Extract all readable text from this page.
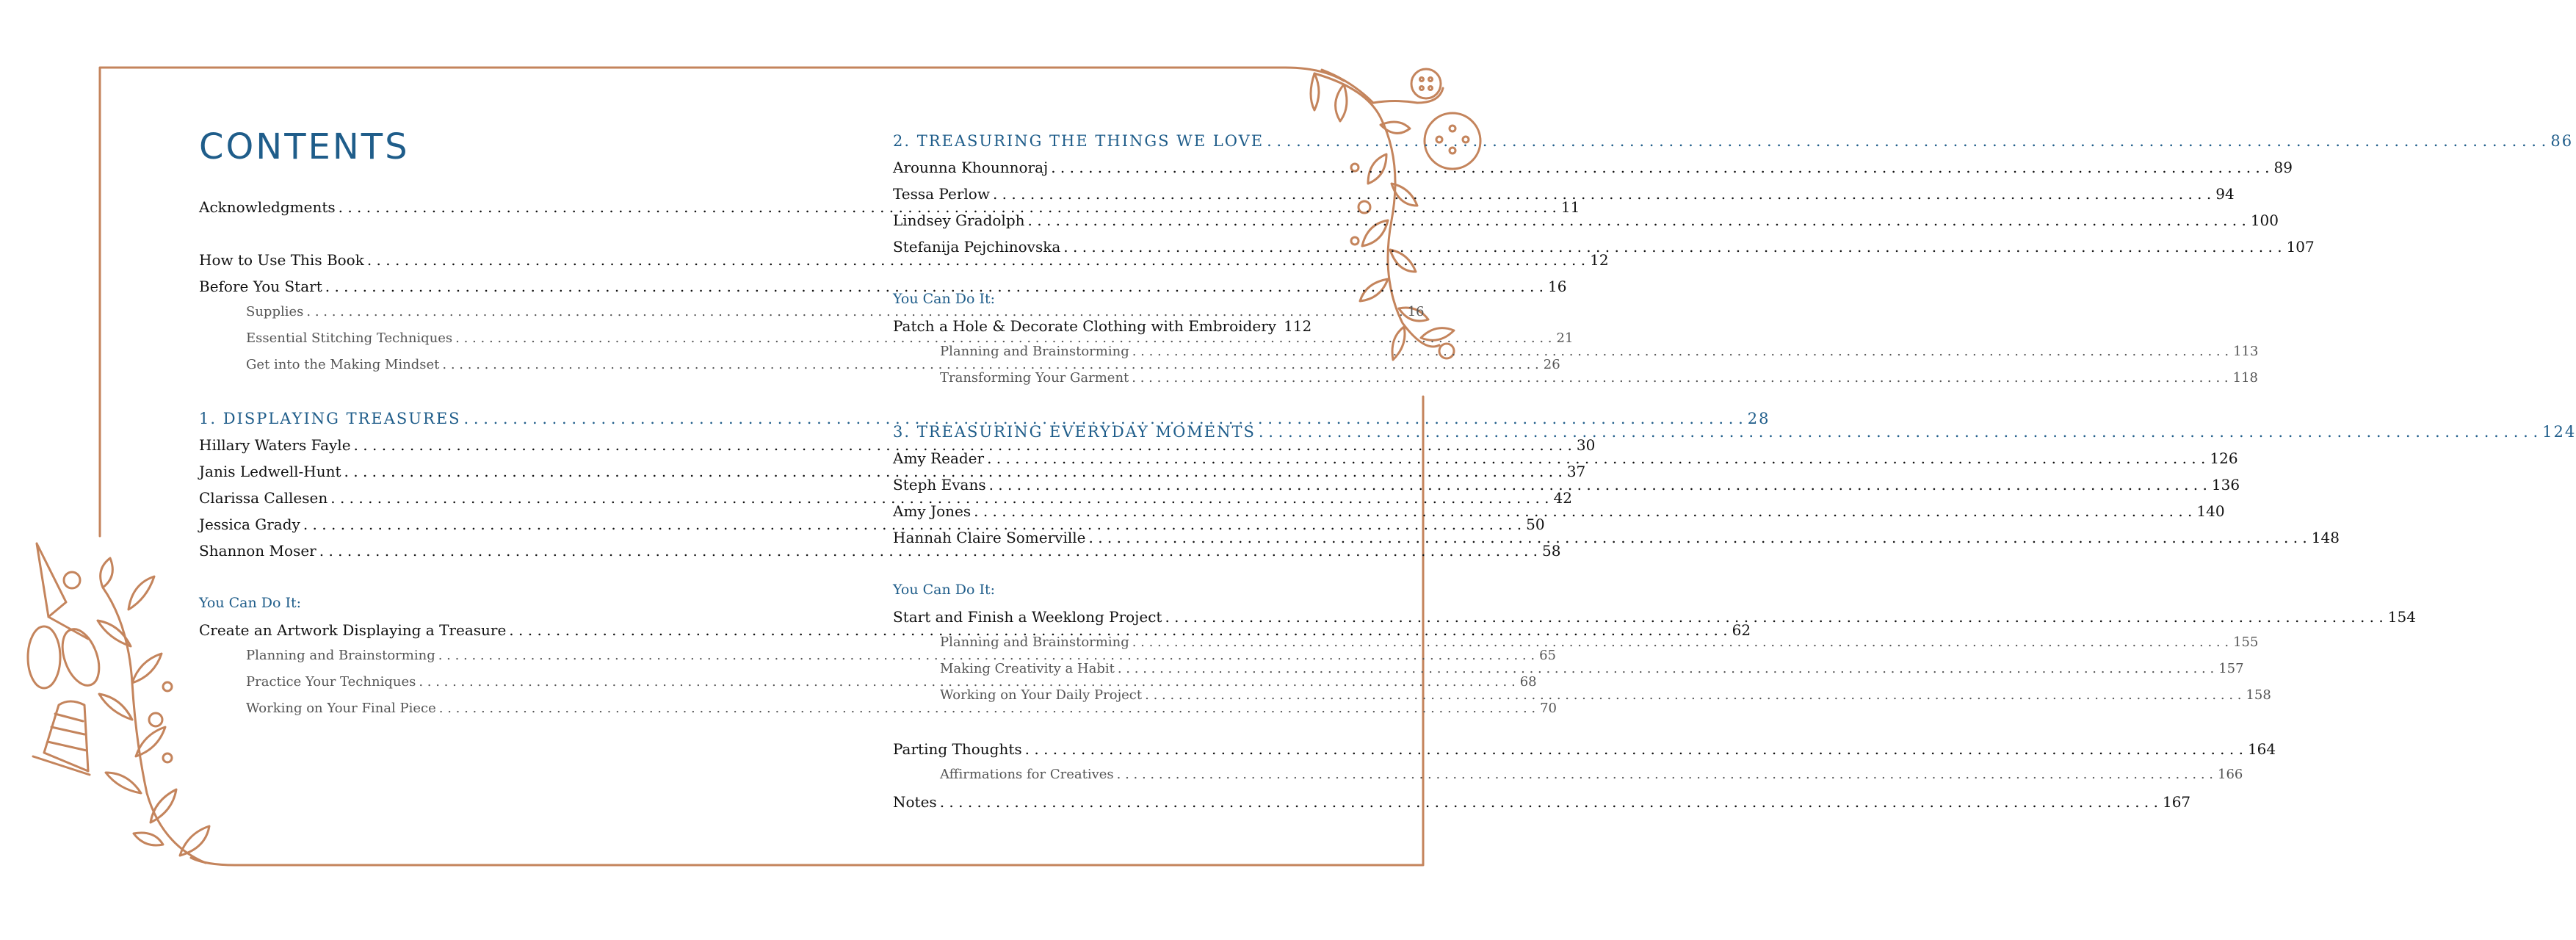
CONTENTS
Acknowledgments . . .	11
How to Use This Book . . .	12
Before You Start . . .	16
Supplies . . .	16
Essential Stitching Techniques . . .	21
Get into the Making Mindset . . .	26
1. DISPLAYING TREASURES . . .	28
Hillary Waters Fayle . . .	30
Janis Ledwell-Hunt . . .	37
Clarissa Callesen . . .	42
Jessica Grady . . .	50
Shannon Moser . . .	58
You Can Do It:
Create an Artwork Displaying a Treasure . . .	62
Planning and Brainstorming . . .	65
Practice Your Techniques . . .	68
Working on Your Final Piece . . .	70
2. TREASURING THE THINGS WE LOVE . . .	86
Arounna Khounnoraj . . .	89
Tessa Perlow . . .	94
Lindsey Gradolph . . .	100
Stefanija Pejchinovska . . .	107
You Can Do It:
Patch a Hole & Decorate Clothing with Embroidery 112
Planning and Brainstorming . . .	113
Transforming Your Garment . . .	118
3. TREASURING EVERYDAY MOMENTS . . .	124
Amy Reader . . .	126
Steph Evans . . .	136
Amy Jones . . .	140
Hannah Claire Somerville . . .	148
You Can Do It:
Start and Finish a Weeklong Project . . .	154
Planning and Brainstorming . . .	155
Making Creativity a Habit . . .	157
Working on Your Daily Project . . .	158
Parting Thoughts . . .	164
Affirmations for Creatives . . .	166
Notes . . .	167
